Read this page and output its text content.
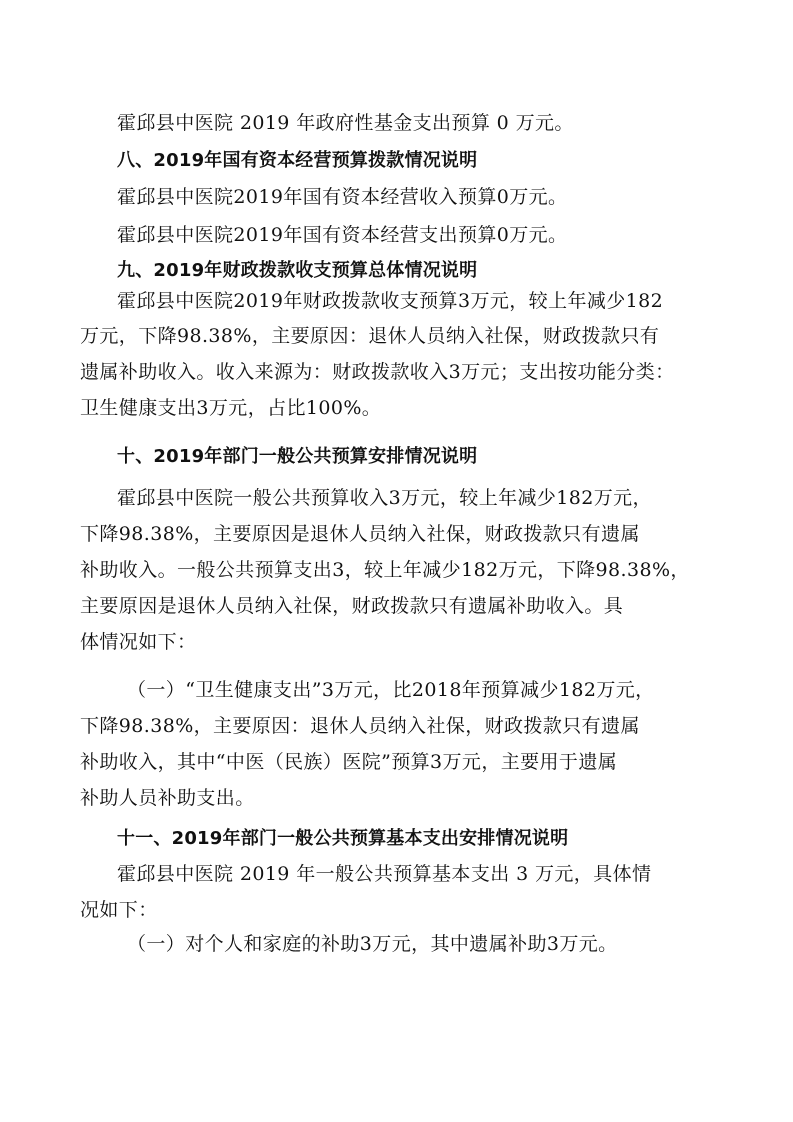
霍邱县中医院 2019 年政府性基金支出预算 0 万元。

八、2019年国有资本经营预算拨款情况说明

霍邱县中医院2019年国有资本经营收入预算0万元。

霍邱县中医院2019年国有资本经营支出预算0万元。

九、2019年财政拨款收支预算总体情况说明

霍邱县中医院2019年财政拨款收支预算3万元，较上年减少182

万元，下降98.38%，主要原因：退休人员纳入社保，财政拨款只有

遗属补助收入。收入来源为：财政拨款收入3万元；支出按功能分类：

卫生健康支出3万元，占比100%。

十、2019年部门一般公共预算安排情况说明

霍邱县中医院一般公共预算收入3万元，较上年减少182万元，

下降98.38%，主要原因是退休人员纳入社保，财政拨款只有遗属

补助收入。一般公共预算支出3，较上年减少182万元，下降98.38%，

主要原因是退休人员纳入社保，财政拨款只有遗属补助收入。具

体情况如下：

（一）“卫生健康支出”3万元，比2018年预算减少182万元，

下降98.38%，主要原因：退休人员纳入社保，财政拨款只有遗属

补助收入，其中“中医（民族）医院”预算3万元，主要用于遗属

补助人员补助支出。

十一、2019年部门一般公共预算基本支出安排情况说明

霍邱县中医院 2019 年一般公共预算基本支出 3 万元，具体情

况如下：

（一）对个人和家庭的补助3万元，其中遗属补助3万元。
